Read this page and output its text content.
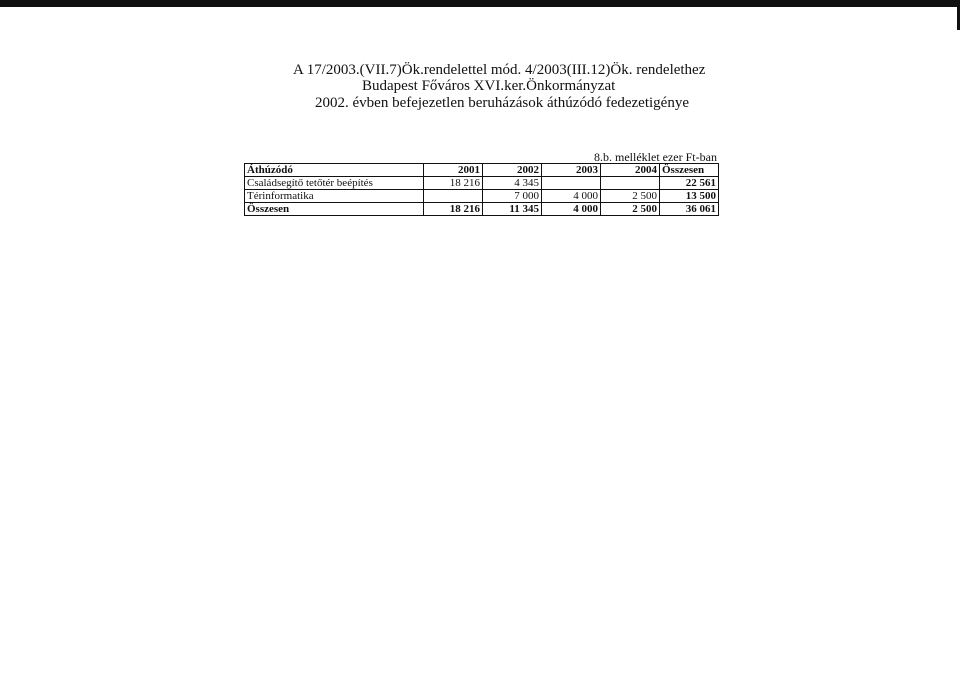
A 17/2003.(VII.7)Ök.rendelettel mód. 4/2003(III.12)Ök. rendelethez
Budapest Főváros XVI.ker.Önkormányzat
2002. évben befejezetlen beruházások áthúzódó fedezetigénye
8.b. melléklet ezer Ft-ban
Áthúzódó	2001	2002	2003	2004	Összesen
Családsegítő tetőtér beépítés	18 216	4 345			22 561
Térinformatika		7 000	4 000	2 500	13 500
Összesen	18 216	11 345	4 000	2 500	36 061
